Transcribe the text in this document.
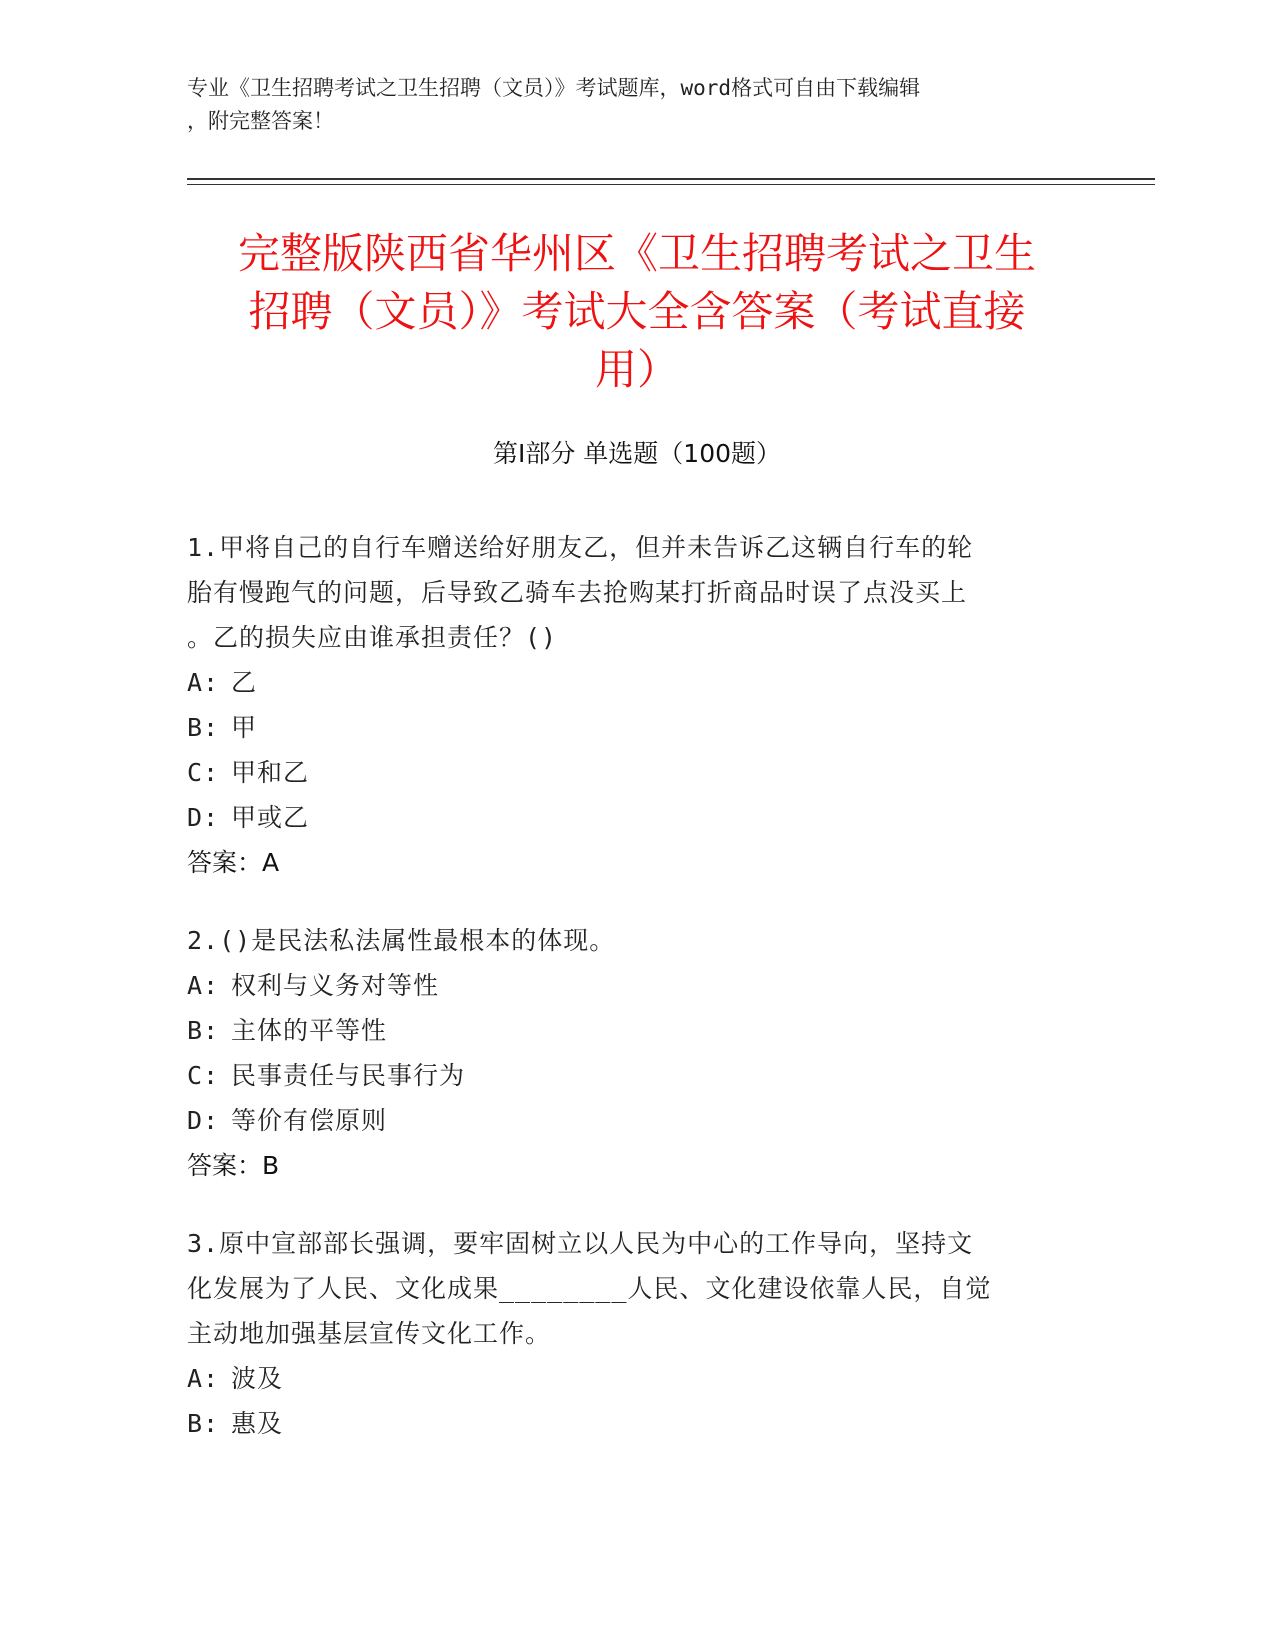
专业《卫生招聘考试之卫生招聘（文员）》考试题库，word格式可自由下载编辑
，附完整答案！
完整版陕西省华州区《卫生招聘考试之卫生
招聘（文员）》考试大全含答案（考试直接
用）
第Ⅰ部分 单选题（100题）

1.甲将自己的自行车赠送给好朋友乙，但并未告诉乙这辆自行车的轮

胎有慢跑气的问题，后导致乙骑车去抢购某打折商品时误了点没买上

。乙的损失应由谁承担责任？()

A: 乙

B: 甲

C: 甲和乙

D: 甲或乙

答案：A

2.()是民法私法属性最根本的体现。

A: 权利与义务对等性

B: 主体的平等性

C: 民事责任与民事行为

D: 等价有偿原则

答案：B

3.原中宣部部长强调，要牢固树立以人民为中心的工作导向，坚持文

化发展为了人民、文化成果________人民、文化建设依靠人民，自觉

主动地加强基层宣传文化工作。

A: 波及

B: 惠及
